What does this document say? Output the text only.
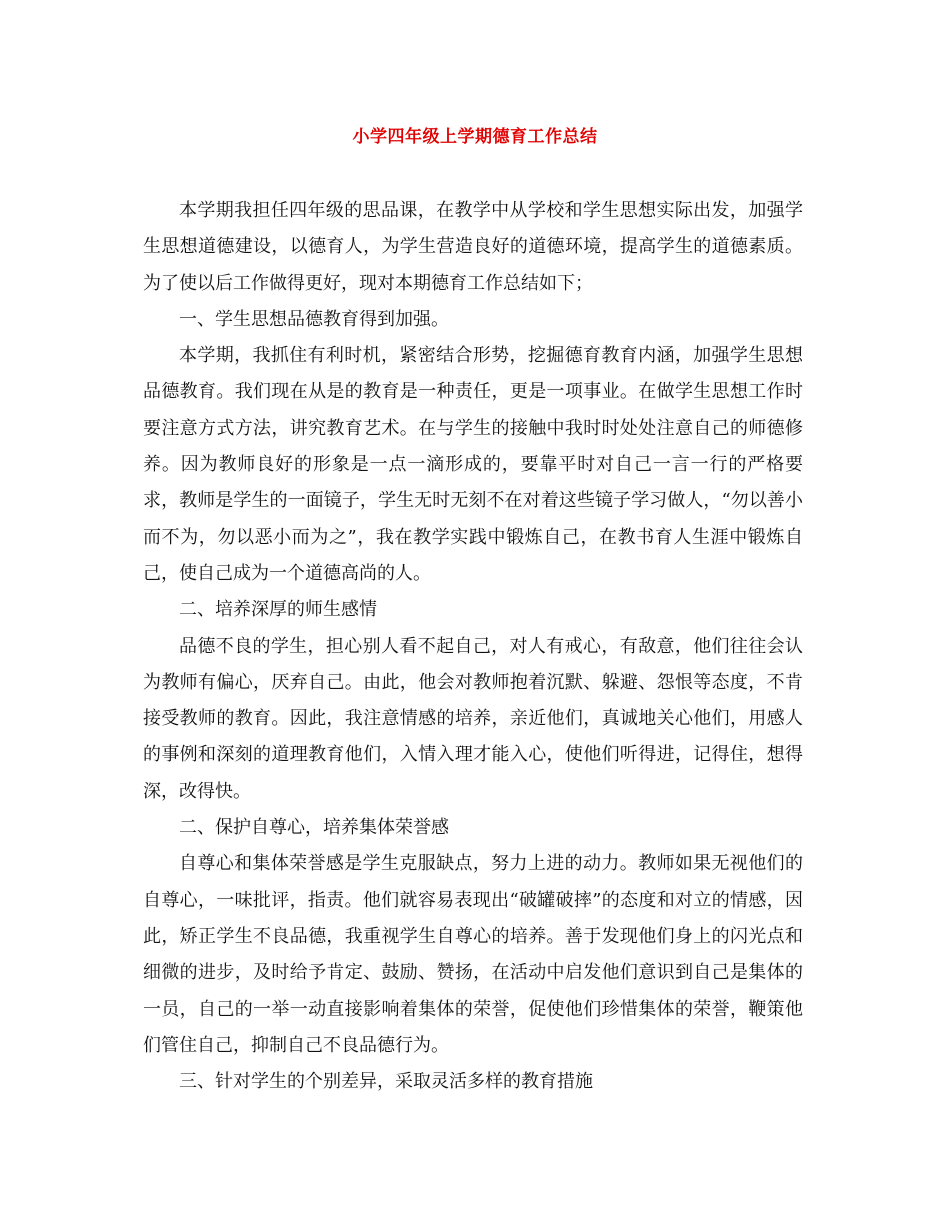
小学四年级上学期德育工作总结

本学期我担任四年级的思品课，在教学中从学校和学生思想实际出发，加强学生思想道德建设，以德育人，为学生营造良好的道德环境，提高学生的道德素质。为了使以后工作做得更好，现对本期德育工作总结如下；

一、学生思想品德教育得到加强。

本学期，我抓住有利时机，紧密结合形势，挖掘德育教育内涵，加强学生思想品德教育。我们现在从是的教育是一种责任，更是一项事业。在做学生思想工作时要注意方式方法，讲究教育艺术。在与学生的接触中我时时处处注意自己的师德修养。因为教师良好的形象是一点一滴形成的，要靠平时对自己一言一行的严格要求，教师是学生的一面镜子，学生无时无刻不在对着这些镜子学习做人，“勿以善小而不为，勿以恶小而为之”，我在教学实践中锻炼自己，在教书育人生涯中锻炼自己，使自己成为一个道德高尚的人。

二、培养深厚的师生感情

品德不良的学生，担心别人看不起自己，对人有戒心，有敌意，他们往往会认为教师有偏心，厌弃自己。由此，他会对教师抱着沉默、躲避、怨恨等态度，不肯接受教师的教育。因此，我注意情感的培养，亲近他们，真诚地关心他们，用感人的事例和深刻的道理教育他们，入情入理才能入心，使他们听得进，记得住，想得深，改得快。

二、保护自尊心，培养集体荣誉感

自尊心和集体荣誉感是学生克服缺点，努力上进的动力。教师如果无视他们的自尊心，一味批评，指责。他们就容易表现出“破罐破摔”的态度和对立的情感，因此，矫正学生不良品德，我重视学生自尊心的培养。善于发现他们身上的闪光点和细微的进步，及时给予肯定、鼓励、赞扬，在活动中启发他们意识到自己是集体的一员，自己的一举一动直接影响着集体的荣誉，促使他们珍惜集体的荣誉，鞭策他们管住自己，抑制自己不良品德行为。

三、针对学生的个别差异，采取灵活多样的教育措施
